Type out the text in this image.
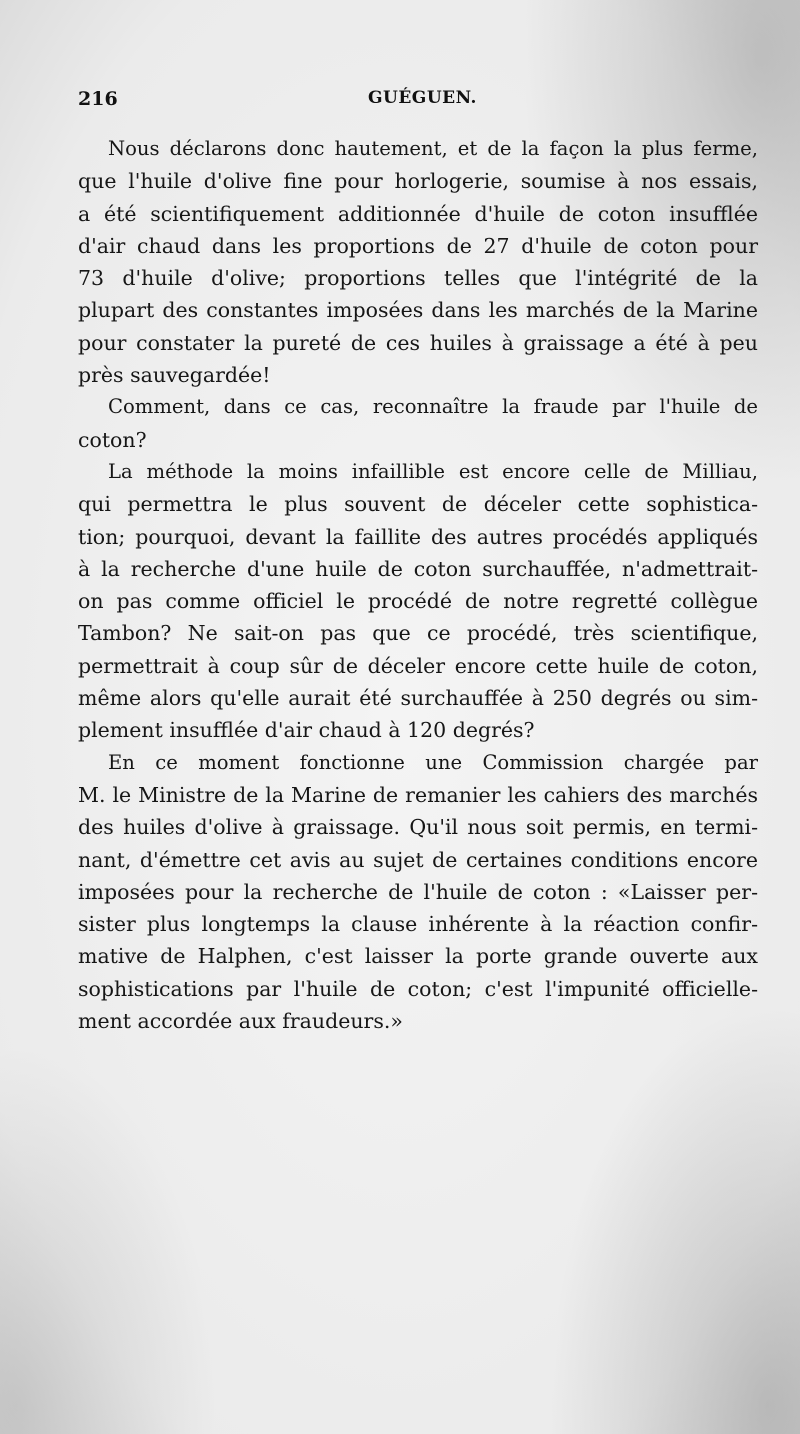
216	GUÉGUEN.

Nous déclarons donc hautement, et de la façon la plus ferme,
que l'huile d'olive fine pour horlogerie, soumise à nos essais,
a été scientifiquement additionnée d'huile de coton insufflée
d'air chaud dans les proportions de 27 d'huile de coton pour
73 d'huile d'olive; proportions telles que l'intégrité de la
plupart des constantes imposées dans les marchés de la Marine
pour constater la pureté de ces huiles à graissage a été à peu
près sauvegardée!

Comment, dans ce cas, reconnaître la fraude par l'huile de
coton?

La méthode la moins infaillible est encore celle de Milliau,
qui permettra le plus souvent de déceler cette sophistica-
tion; pourquoi, devant la faillite des autres procédés appliqués
à la recherche d'une huile de coton surchauffée, n'admettrait-
on pas comme officiel le procédé de notre regretté collègue
Tambon? Ne sait-on pas que ce procédé, très scientifique,
permettrait à coup sûr de déceler encore cette huile de coton,
même alors qu'elle aurait été surchauffée à 250 degrés ou sim-
plement insufflée d'air chaud à 120 degrés?

En ce moment fonctionne une Commission chargée par
M. le Ministre de la Marine de remanier les cahiers des marchés
des huiles d'olive à graissage. Qu'il nous soit permis, en termi-
nant, d'émettre cet avis au sujet de certaines conditions encore
imposées pour la recherche de l'huile de coton : «Laisser per-
sister plus longtemps la clause inhérente à la réaction confir-
mative de Halphen, c'est laisser la porte grande ouverte aux
sophistications par l'huile de coton; c'est l'impunité officielle-
ment accordée aux fraudeurs.»
